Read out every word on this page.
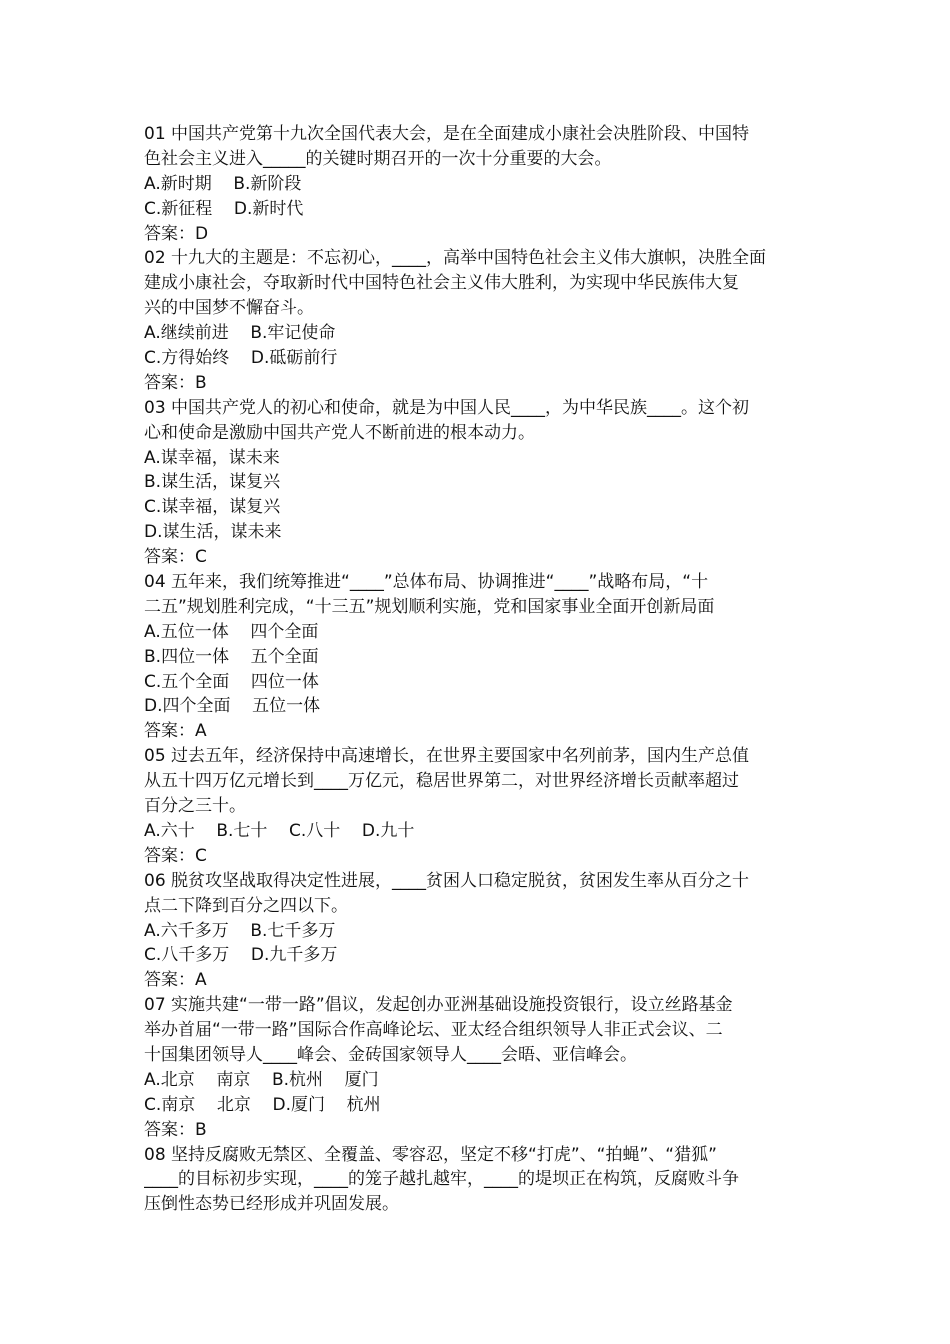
01 中国共产党第十九次全国代表大会，是在全面建成小康社会决胜阶段、中国特
色社会主义进入_____的关键时期召开的一次十分重要的大会。
A.新时期    B.新阶段
C.新征程    D.新时代
答案：D
02 十九大的主题是：不忘初心，____，高举中国特色社会主义伟大旗帜，决胜全面
建成小康社会，夺取新时代中国特色社会主义伟大胜利，为实现中华民族伟大复
兴的中国梦不懈奋斗。
A.继续前进    B.牢记使命
C.方得始终    D.砥砺前行
答案：B
03 中国共产党人的初心和使命，就是为中国人民____，为中华民族____。这个初
心和使命是激励中国共产党人不断前进的根本动力。
A.谋幸福，谋未来
B.谋生活，谋复兴
C.谋幸福，谋复兴
D.谋生活，谋未来
答案：C
04 五年来，我们统筹推进“____”总体布局、协调推进“____”战略布局，“十
二五”规划胜利完成，“十三五”规划顺利实施，党和国家事业全面开创新局面
A.五位一体    四个全面
B.四位一体    五个全面
C.五个全面    四位一体
D.四个全面    五位一体
答案：A
05 过去五年，经济保持中高速增长，在世界主要国家中名列前茅，国内生产总值
从五十四万亿元增长到____万亿元，稳居世界第二，对世界经济增长贡献率超过
百分之三十。
A.六十    B.七十    C.八十    D.九十
答案：C
06 脱贫攻坚战取得决定性进展，____贫困人口稳定脱贫，贫困发生率从百分之十
点二下降到百分之四以下。
A.六千多万    B.七千多万
C.八千多万    D.九千多万
答案：A
07 实施共建“一带一路”倡议，发起创办亚洲基础设施投资银行，设立丝路基金
举办首届“一带一路”国际合作高峰论坛、亚太经合组织领导人非正式会议、二
十国集团领导人____峰会、金砖国家领导人____会晤、亚信峰会。
A.北京    南京    B.杭州    厦门
C.南京    北京    D.厦门    杭州
答案：B
08 坚持反腐败无禁区、全覆盖、零容忍，坚定不移“打虎”、“拍蝇”、“猎狐”
____的目标初步实现，____的笼子越扎越牢，____的堤坝正在构筑，反腐败斗争
压倒性态势已经形成并巩固发展。
